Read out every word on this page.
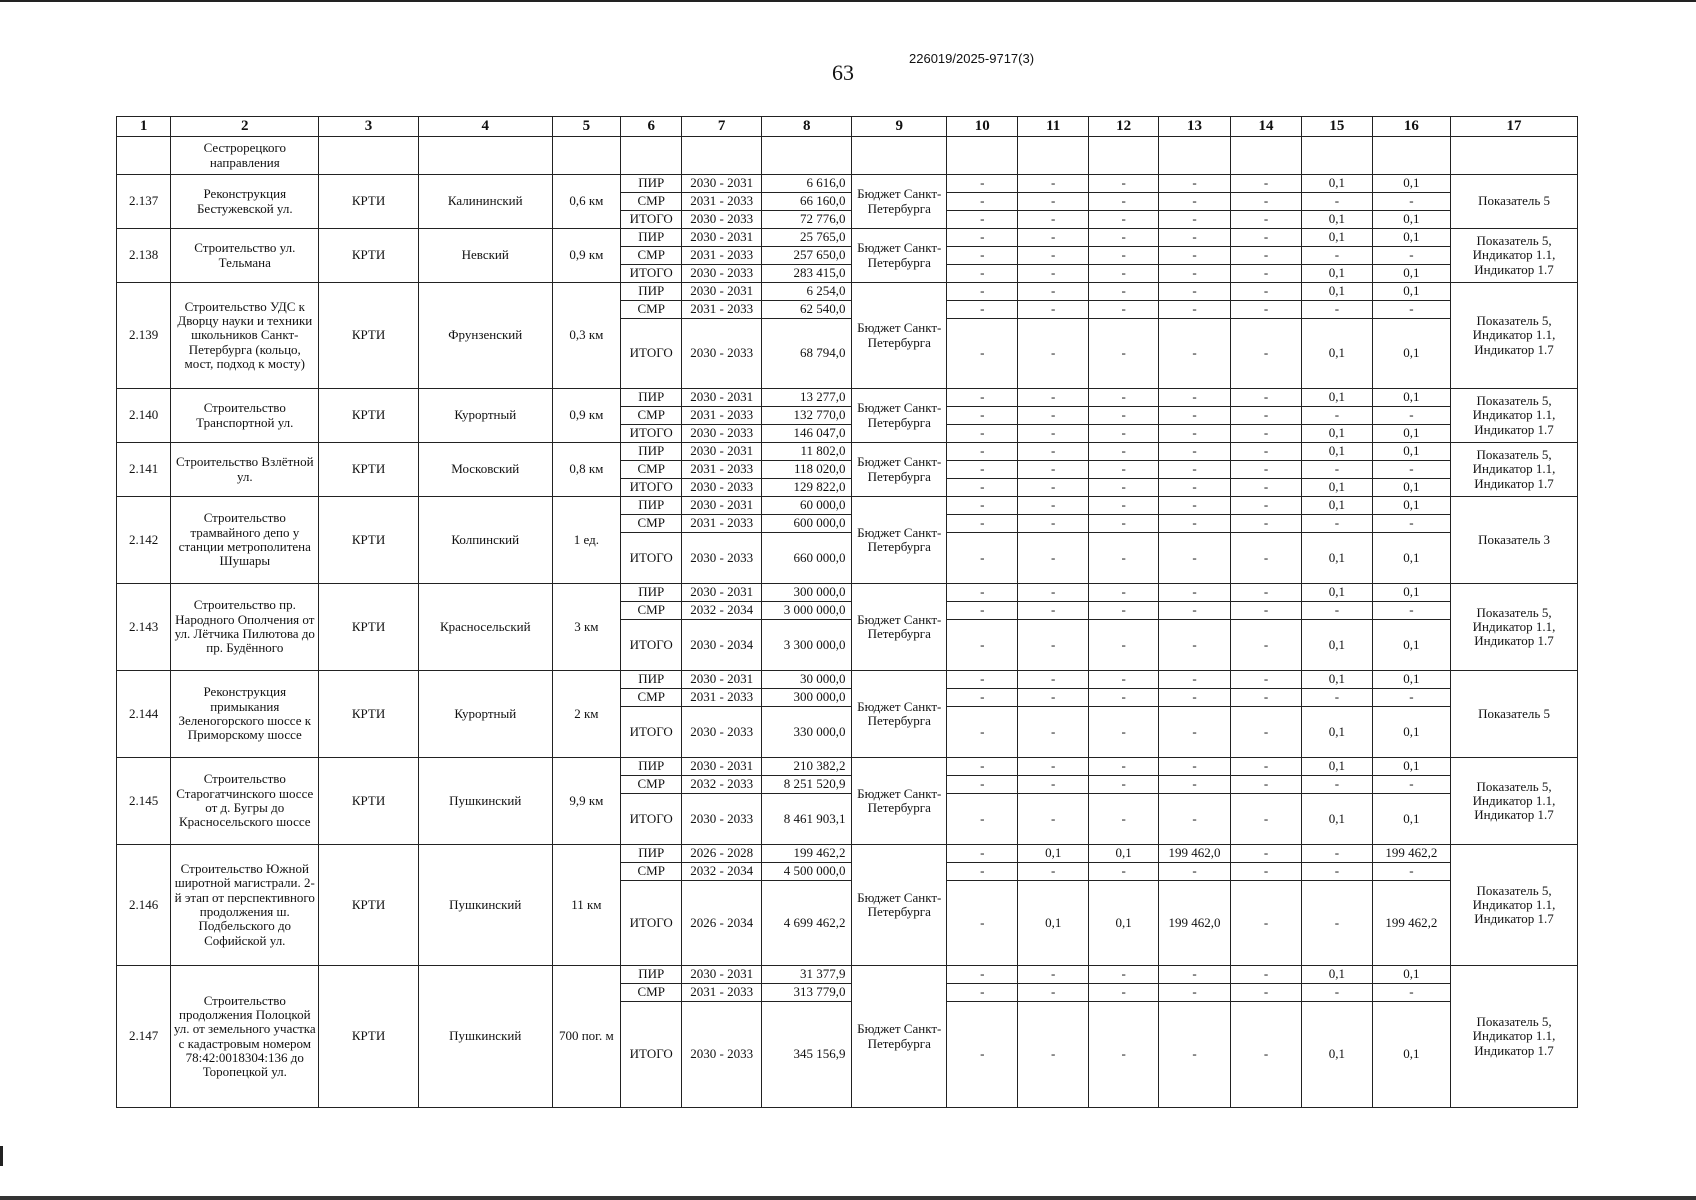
63
226019/2025-9717(3)
1	2	3	4	5	6	7	8	9	10	11	12	13	14	15	16	17
	Сестрорецкого направления															
2.137	Реконструкция Бестужевской ул.	КРТИ	Калининский	0,6 км	ПИР	2030 - 2031	6 616,0	Бюджет Санкт-Петербурга	-	-	-	-	-	0,1	0,1	Показатель 5
					СМР	2031 - 2033	66 160,0		-	-	-	-	-	-	-	
					ИТОГО	2030 - 2033	72 776,0		-	-	-	-	-	0,1	0,1	
2.138	Строительство ул. Тельмана	КРТИ	Невский	0,9 км	ПИР	2030 - 2031	25 765,0	Бюджет Санкт-Петербурга	-	-	-	-	-	0,1	0,1	Показатель 5, Индикатор 1.1, Индикатор 1.7
					СМР	2031 - 2033	257 650,0		-	-	-	-	-	-	-	
					ИТОГО	2030 - 2033	283 415,0		-	-	-	-	-	0,1	0,1	
2.139	Строительство УДС к Дворцу науки и техники школьников Санкт-Петербурга (кольцо, мост, подход к мосту)	КРТИ	Фрунзенский	0,3 км	ПИР	2030 - 2031	6 254,0	Бюджет Санкт-Петербурга	-	-	-	-	-	0,1	0,1	Показатель 5, Индикатор 1.1, Индикатор 1.7
					СМР	2031 - 2033	62 540,0		-	-	-	-	-	-	-	
					ИТОГО	2030 - 2033	68 794,0		-	-	-	-	-	0,1	0,1	
2.140	Строительство Транспортной ул.	КРТИ	Курортный	0,9 км	ПИР	2030 - 2031	13 277,0	Бюджет Санкт-Петербурга	-	-	-	-	-	0,1	0,1	Показатель 5, Индикатор 1.1, Индикатор 1.7
					СМР	2031 - 2033	132 770,0		-	-	-	-	-	-	-	
					ИТОГО	2030 - 2033	146 047,0		-	-	-	-	-	0,1	0,1	
2.141	Строительство Взлётной ул.	КРТИ	Московский	0,8 км	ПИР	2030 - 2031	11 802,0	Бюджет Санкт-Петербурга	-	-	-	-	-	0,1	0,1	Показатель 5, Индикатор 1.1, Индикатор 1.7
					СМР	2031 - 2033	118 020,0		-	-	-	-	-	-	-	
					ИТОГО	2030 - 2033	129 822,0		-	-	-	-	-	0,1	0,1	
2.142	Строительство трамвайного депо у станции метрополитена Шушары	КРТИ	Колпинский	1 ед.	ПИР	2030 - 2031	60 000,0	Бюджет Санкт-Петербурга	-	-	-	-	-	0,1	0,1	Показатель 3
					СМР	2031 - 2033	600 000,0		-	-	-	-	-	-	-	
					ИТОГО	2030 - 2033	660 000,0		-	-	-	-	-	0,1	0,1	
2.143	Строительство пр. Народного Ополчения от ул. Лётчика Пилютова до пр. Будённого	КРТИ	Красносельский	3 км	ПИР	2030 - 2031	300 000,0	Бюджет Санкт-Петербурга	-	-	-	-	-	0,1	0,1	Показатель 5, Индикатор 1.1, Индикатор 1.7
					СМР	2032 - 2034	3 000 000,0		-	-	-	-	-	-	-	
					ИТОГО	2030 - 2034	3 300 000,0		-	-	-	-	-	0,1	0,1	
2.144	Реконструкция примыкания Зеленогорского шоссе к Приморскому шоссе	КРТИ	Курортный	2 км	ПИР	2030 - 2031	30 000,0	Бюджет Санкт-Петербурга	-	-	-	-	-	0,1	0,1	Показатель 5
					СМР	2031 - 2033	300 000,0		-	-	-	-	-	-	-	
					ИТОГО	2030 - 2033	330 000,0		-	-	-	-	-	0,1	0,1	
2.145	Строительство Старогатчинского шоссе от д. Бугры до Красносельского шоссе	КРТИ	Пушкинский	9,9 км	ПИР	2030 - 2031	210 382,2	Бюджет Санкт-Петербурга	-	-	-	-	-	0,1	0,1	Показатель 5, Индикатор 1.1, Индикатор 1.7
					СМР	2032 - 2033	8 251 520,9		-	-	-	-	-	-	-	
					ИТОГО	2030 - 2033	8 461 903,1		-	-	-	-	-	0,1	0,1	
2.146	Строительство Южной широтной магистрали. 2-й этап от перспективного продолжения ш. Подбельского до Софийской ул.	КРТИ	Пушкинский	11 км	ПИР	2026 - 2028	199 462,2	Бюджет Санкт-Петербурга	-	0,1	0,1	199 462,0	-	-	199 462,2	Показатель 5, Индикатор 1.1, Индикатор 1.7
					СМР	2032 - 2034	4 500 000,0		-	-	-	-	-	-	-	
					ИТОГО	2026 - 2034	4 699 462,2		-	0,1	0,1	199 462,0	-	-	199 462,2	
2.147	Строительство продолжения Полоцкой ул. от земельного участка с кадастровым номером 78:42:0018304:136 до Торопецкой ул.	КРТИ	Пушкинский	700 пог. м	ПИР	2030 - 2031	31 377,9	Бюджет Санкт-Петербурга	-	-	-	-	-	0,1	0,1	Показатель 5, Индикатор 1.1, Индикатор 1.7
					СМР	2031 - 2033	313 779,0		-	-	-	-	-	-	-	
					ИТОГО	2030 - 2033	345 156,9		-	-	-	-	-	0,1	0,1	
